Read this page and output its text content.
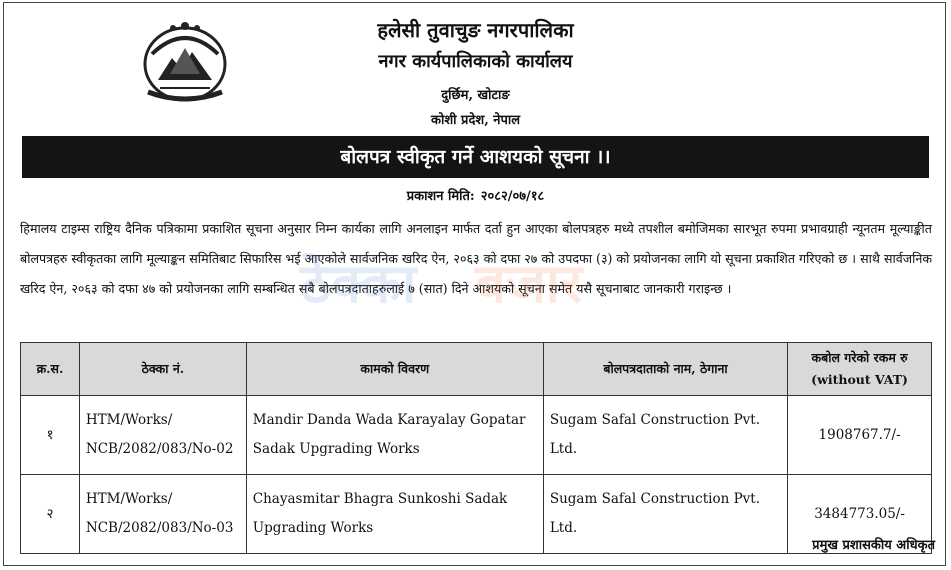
हलेसी तुवाचुङ नगरपालिका
नगर कार्यपालिकाको कार्यालय
दुर्छिम, खोटाङ
कोशी प्रदेश, नेपाल
बोलपत्र स्वीकृत गर्ने आशयको सूचना ।।
प्रकाशन मिति: २०८२/०७/१८
हिमालय टाइम्स राष्ट्रिय दैनिक पत्रिकामा प्रकाशित सूचना अनुसार निम्न कार्यका लागि अनलाइन मार्फत दर्ता हुन आएका बोलपत्रहरु मध्ये तपशील बमोजिमका सारभूत रुपमा प्रभावग्राही न्यूनतम मूल्याङ्कीत बोलपत्रहरु स्वीकृतका लागि मूल्याङ्कन समितिबाट सिफारिस भई आएकोले सार्वजनिक खरिद ऐन, २०६३ को दफा २७ को उपदफा (३) को प्रयोजनका लागि यो सूचना प्रकाशित गरिएको छ । साथै सार्वजनिक खरिद ऐन, २०६३ को दफा ४७ को प्रयोजनका लागि सम्बन्धित सबै बोलपत्रदाताहरुलाई ७ (सात) दिने आशयको सूचना समेत यसै सूचनाबाट जानकारी गराइन्छ ।
ठेक्का बजार
क्र.स.	ठेक्का नं.	कामको विवरण	बोलपत्रदाताको नाम, ठेगाना	कबोल गरेको रकम रु
(without VAT)

१	HTM/Works/ NCB/2082/083/No-02	Mandir Danda Wada Karayalay Gopatar Sadak Upgrading Works	Sugam Safal Construction Pvt. Ltd.	1908767.7/-
२	HTM/Works/ NCB/2082/083/No-03	Chayasmitar Bhagra Sunkoshi Sadak Upgrading Works	Sugam Safal Construction Pvt. Ltd.	3484773.05/-
प्रमुख प्रशासकीय अधिकृत
